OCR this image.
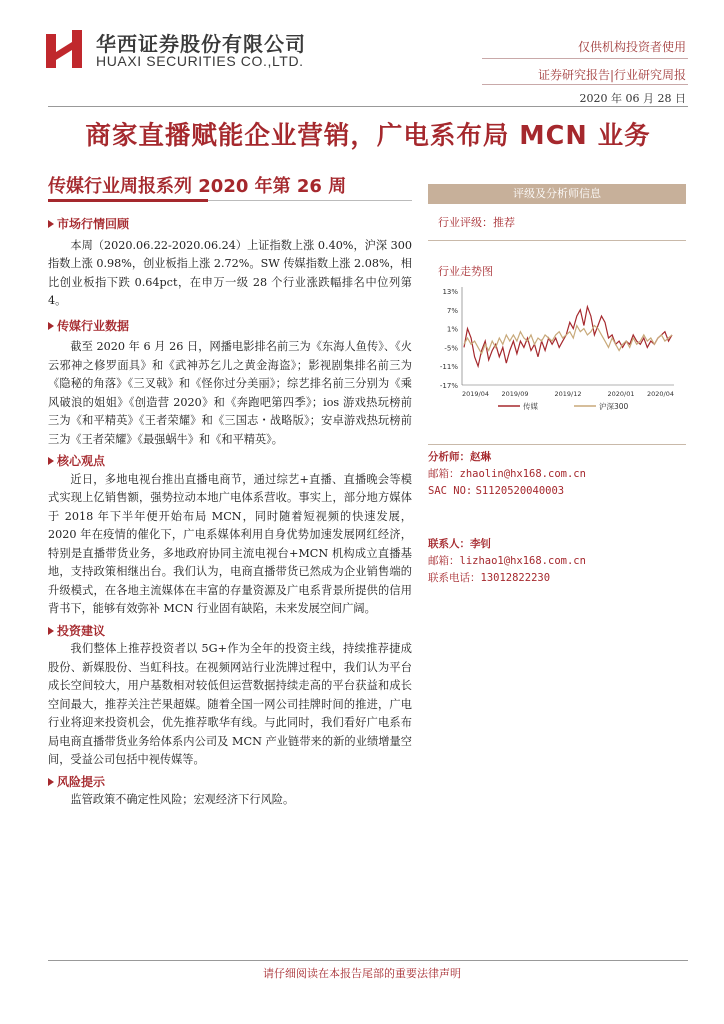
华西证券股份有限公司
HUAXI SECURITIES CO.,LTD.
仅供机构投资者使用
证券研究报告|行业研究周报
2020 年 06 月 28 日
商家直播赋能企业营销，广电系布局 MCN 业务
传媒行业周报系列 2020 年第 26 周
市场行情回顾

本周（2020.06.22-2020.06.24）上证指数上涨 0.40%，沪深 300 指数上涨 0.98%，创业板指上涨 2.72%。SW 传媒指数上涨 2.08%，相比创业板指下跌 0.64pct，在申万一级 28 个行业涨跌幅排名中位列第 4。

传媒行业数据

截至 2020 年 6 月 26 日，网播电影排名前三为《东海人鱼传》、《火云邪神之修罗面具》和《武神苏乞儿之黄金海盗》；影视剧集排名前三为《隐秘的角落》《三叉戟》和《怪你过分美丽》；综艺排名前三分别为《乘风破浪的姐姐》《创造营 2020》和《奔跑吧第四季》；ios 游戏热玩榜前三为《和平精英》《王者荣耀》和《三国志・战略版》；安卓游戏热玩榜前三为《王者荣耀》《最强蜗牛》和《和平精英》。

核心观点

近日，多地电视台推出直播电商节，通过综艺+直播、直播晚会等模式实现上亿销售额，强势拉动本地广电体系营收。事实上，部分地方媒体于 2018 年下半年便开始布局 MCN，同时随着短视频的快速发展，2020 年在疫情的催化下，广电系媒体利用自身优势加速发展网红经济，特别是直播带货业务，多地政府协同主流电视台+MCN 机构成立直播基地，支持政策相继出台。我们认为，电商直播带货已然成为企业销售端的升级模式，在各地主流媒体在丰富的存量资源及广电系背景所提供的信用背书下，能够有效弥补 MCN 行业固有缺陷，未来发展空间广阔。

投资建议

我们整体上推荐投资者以 5G+作为全年的投资主线，持续推荐捷成股份、新媒股份、当虹科技。在视频网站行业洗牌过程中，我们认为平台成长空间较大，用户基数相对较低但运营数据持续走高的平台获益和成长空间最大，推荐关注芒果超媒。随着全国一网公司挂牌时间的推进，广电行业将迎来投资机会，优先推荐歌华有线。与此同时，我们看好广电系布局电商直播带货业务给体系内公司及 MCN 产业链带来的新的业绩增量空间，受益公司包括中视传媒等。

风险提示

监管政策不确定性风险；宏观经济下行风险。

评级及分析师信息
行业评级：推荐
行业走势图
-17%
-11%
-5%
1%
7%
13%
2019/04 2019/09	2019/12	2020/01 2020/04
传媒	沪深300
分析师：赵琳
邮箱：zhaolin@hx168.com.cn
SAC NO: S1120520040003
联系人：李钊
邮箱：lizhao1@hx168.com.cn
联系电话：13012822230
请仔细阅读在本报告尾部的重要法律声明
